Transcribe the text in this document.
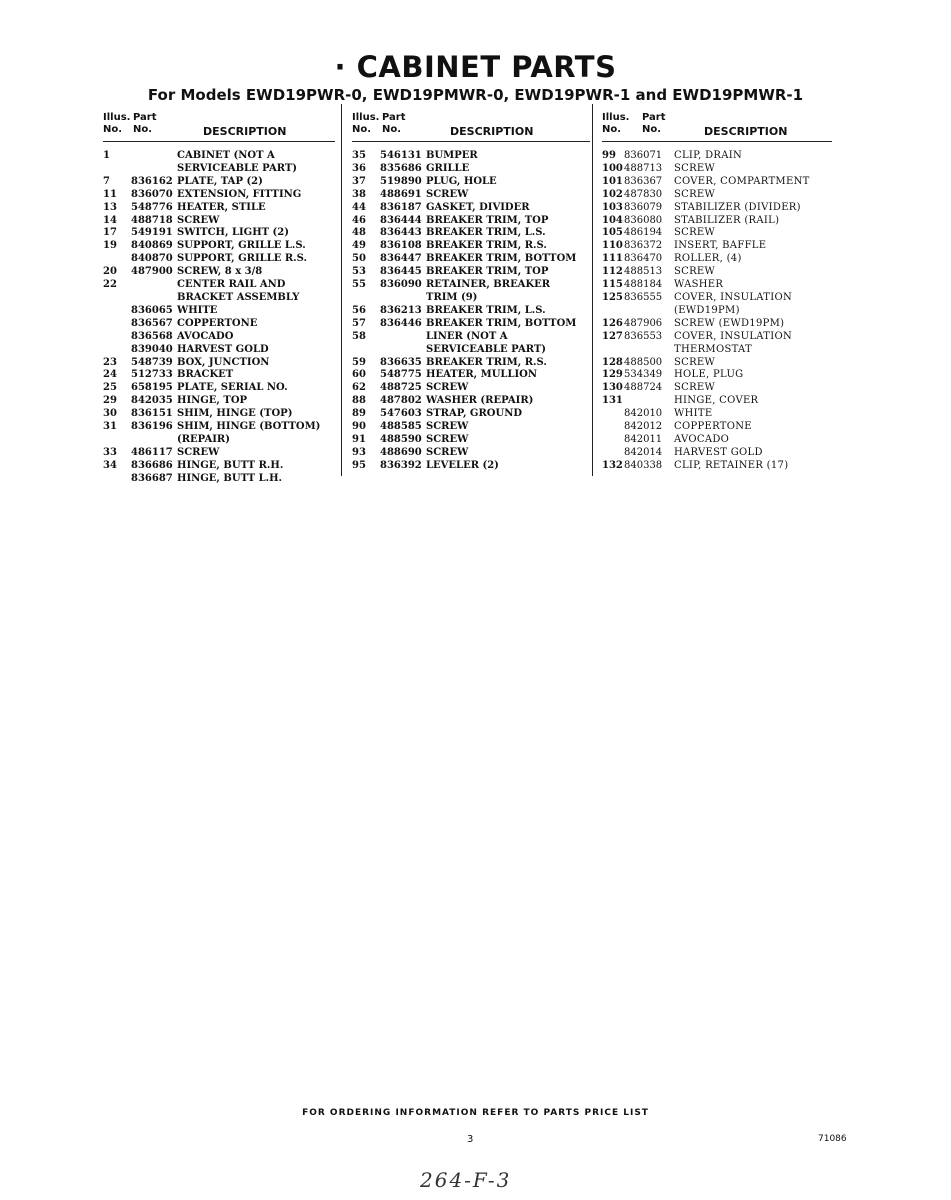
· CABINET PARTS
For Models EWD19PWR-0, EWD19PMWR-0, EWD19PWR-1 and EWD19PMWR-1
Illus.
No.
Part
No.	DESCRIPTION
1	CABINET (NOT A
SERVICEABLE PART)
7	836162 PLATE, TAP (2)
11	836070 EXTENSION, FITTING
13	548776 HEATER, STILE
14	488718 SCREW
17	549191 SWITCH, LIGHT (2)
19	840869 SUPPORT, GRILLE L.S.
840870 SUPPORT, GRILLE R.S.
20	487900 SCREW, 8 x 3/8
22	CENTER RAIL AND
BRACKET ASSEMBLY
836065 WHITE
836567 COPPERTONE
836568 AVOCADO
839040 HARVEST GOLD
23	548739 BOX, JUNCTION
24	512733 BRACKET
25	658195 PLATE, SERIAL NO.
29	842035 HINGE, TOP
30	836151 SHIM, HINGE (TOP)
31	836196 SHIM, HINGE (BOTTOM)
(REPAIR)
33	486117 SCREW
34	836686 HINGE, BUTT R.H.
836687 HINGE, BUTT L.H.
Illus.
No.
Part
No.	DESCRIPTION
35	546131 BUMPER
36	835686 GRILLE
37	519890 PLUG, HOLE
38	488691 SCREW
44	836187 GASKET, DIVIDER
46	836444 BREAKER TRIM, TOP
48	836443 BREAKER TRIM, L.S.
49	836108 BREAKER TRIM, R.S.
50	836447 BREAKER TRIM, BOTTOM
53	836445 BREAKER TRIM, TOP
55	836090 RETAINER, BREAKER
TRIM (9)
56	836213 BREAKER TRIM, L.S.
57	836446 BREAKER TRIM, BOTTOM
58	LINER (NOT A
SERVICEABLE PART)
59	836635 BREAKER TRIM, R.S.
60	548775 HEATER, MULLION
62	488725 SCREW
88	487802 WASHER (REPAIR)
89	547603 STRAP, GROUND
90	488585 SCREW
91	488590 SCREW
93	488690 SCREW
95	836392 LEVELER (2)
Illus.
No.
Part
No.	DESCRIPTION
99 836071	CLIP, DRAIN
100 488713	SCREW
101 836367	COVER, COMPARTMENT
102 487830	SCREW
103 836079	STABILIZER (DIVIDER)
104 836080	STABILIZER (RAIL)
105 486194	SCREW
110 836372	INSERT, BAFFLE
111 836470	ROLLER, (4)
112 488513	SCREW
115 488184	WASHER
125 836555	COVER, INSULATION
(EWD19PM)
126 487906	SCREW (EWD19PM)
127 836553	COVER, INSULATION
THERMOSTAT
128 488500	SCREW
129 534349	HOLE, PLUG
130 488724	SCREW
131	HINGE, COVER
842010	WHITE
842012	COPPERTONE
842011	AVOCADO
842014	HARVEST GOLD
132 840338	CLIP, RETAINER (17)
FOR ORDERING INFORMATION REFER TO PARTS PRICE LIST
3	71086
264-F-3
